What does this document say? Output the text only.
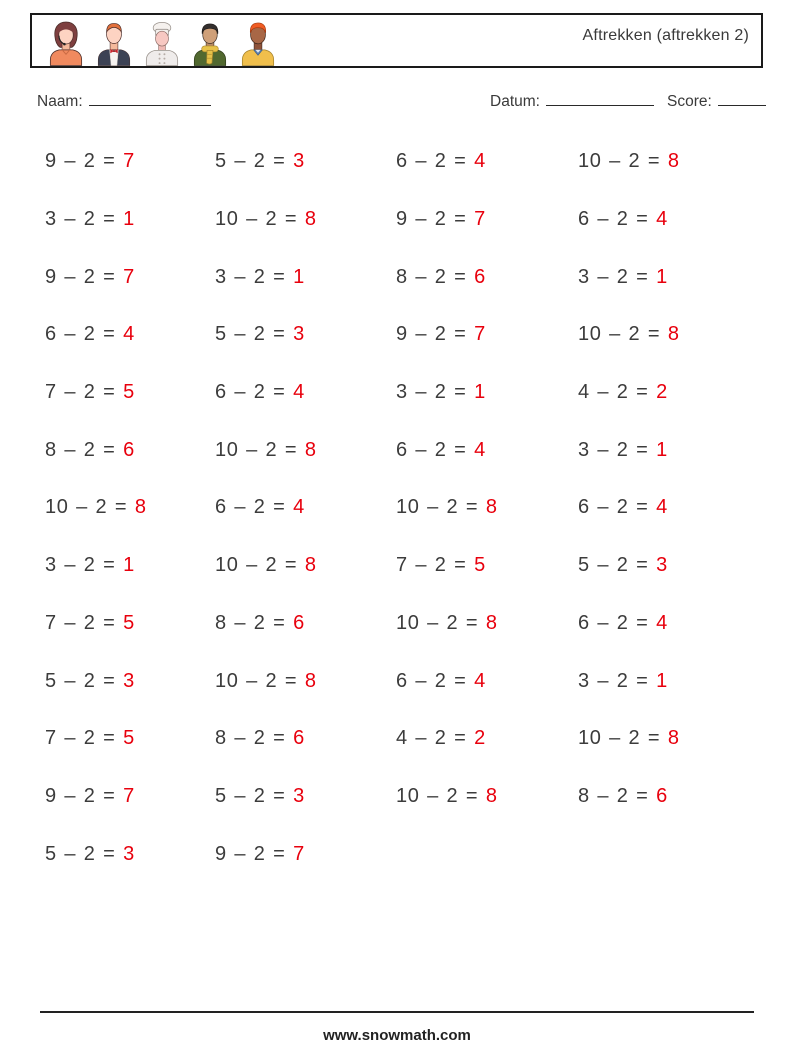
Aftrekken (aftrekken 2)
Naam:	Datum:	Score:
9 – 2 = 7	5 – 2 = 3	6 – 2 = 4	10 – 2 = 8
3 – 2 = 1	10 – 2 = 8	9 – 2 = 7	6 – 2 = 4
9 – 2 = 7	3 – 2 = 1	8 – 2 = 6	3 – 2 = 1
6 – 2 = 4	5 – 2 = 3	9 – 2 = 7	10 – 2 = 8
7 – 2 = 5	6 – 2 = 4	3 – 2 = 1	4 – 2 = 2
8 – 2 = 6	10 – 2 = 8	6 – 2 = 4	3 – 2 = 1
10 – 2 = 8	6 – 2 = 4	10 – 2 = 8	6 – 2 = 4
3 – 2 = 1	10 – 2 = 8	7 – 2 = 5	5 – 2 = 3
7 – 2 = 5	8 – 2 = 6	10 – 2 = 8	6 – 2 = 4
5 – 2 = 3	10 – 2 = 8	6 – 2 = 4	3 – 2 = 1
7 – 2 = 5	8 – 2 = 6	4 – 2 = 2	10 – 2 = 8
9 – 2 = 7	5 – 2 = 3	10 – 2 = 8	8 – 2 = 6
5 – 2 = 3	9 – 2 = 7
www.snowmath.com
